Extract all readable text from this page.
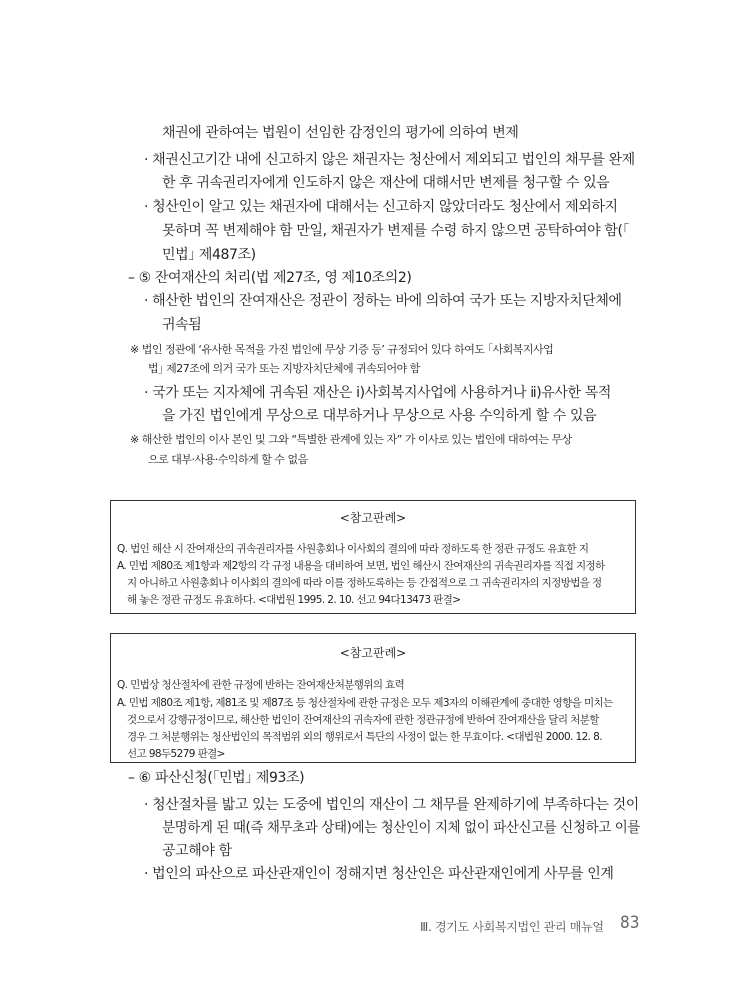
채권에 관하여는 법원이 선임한 감정인의 평가에 의하여 변제
· 채권신고기간 내에 신고하지 않은 채권자는 청산에서 제외되고 법인의 채무를 완제
한 후 귀속권리자에게 인도하지 않은 재산에 대해서만 변제를 청구할 수 있음
· 청산인이 알고 있는 채권자에 대해서는 신고하지 않았더라도 청산에서 제외하지
못하며 꼭 변제해야 함 만일, 채권자가 변제를 수령 하지 않으면 공탁하여야 함(｢
민법｣ 제487조)
– ⑤ 잔여재산의 처리(법 제27조, 영 제10조의2)
· 해산한 법인의 잔여재산은 정관이 정하는 바에 의하여 국가 또는 지방자치단체에
귀속됨
※ 법인 정관에 ‘유사한 목적을 가진 법인에 무상 기증 등’ 규정되어 있다 하여도 ｢사회복지사업
법｣ 제27조에 의거 국가 또는 지방자치단체에 귀속되어야 함
· 국가 또는 지자체에 귀속된 재산은 ⅰ)사회복지사업에 사용하거나 ⅱ)유사한 목적
을 가진 법인에게 무상으로 대부하거나 무상으로 사용 수익하게 할 수 있음
※ 해산한 법인의 이사 본인 및 그와 “특별한 관계에 있는 자” 가 이사로 있는 법인에 대하여는 무상
으로 대부·사용·수익하게 할 수 없음
<참고판례>
Q. 법인 해산 시 잔여재산의 귀속권리자를 사원총회나 이사회의 결의에 따라 정하도록 한 정관 규정도 유효한 지
A. 민법 제80조 제1항과 제2항의 각 규정 내용을 대비하여 보면, 법인 해산시 잔여재산의 귀속권리자를 직접 지정하
지 아니하고 사원총회나 이사회의 결의에 따라 이를 정하도록하는 등 간접적으로 그 귀속권리자의 지정방법을 정
해 놓은 정관 규정도 유효하다. <대법원 1995. 2. 10. 선고 94다13473 판결>
<참고판례>
Q. 민법상 청산절차에 관한 규정에 반하는 잔여재산처분행위의 효력
A. 민법 제80조 제1항, 제81조 및 제87조 등 청산절차에 관한 규정은 모두 제3자의 이해관계에 중대한 영향을 미치는
것으로서 강행규정이므로, 해산한 법인이 잔여재산의 귀속자에 관한 정관규정에 반하여 잔여재산을 달리 처분할
경우 그 처분행위는 청산법인의 목적범위 외의 행위로서 특단의 사정이 없는 한 무효이다. <대법원 2000. 12. 8.
선고 98두5279 판결>
– ⑥ 파산신청(｢민법｣ 제93조)
· 청산절차를 밟고 있는 도중에 법인의 재산이 그 채무를 완제하기에 부족하다는 것이
분명하게 된 때(즉 채무초과 상태)에는 청산인이 지체 없이 파산신고를 신청하고 이를
공고해야 함
· 법인의 파산으로 파산관재인이 정해지면 청산인은 파산관재인에게 사무를 인계
Ⅲ. 경기도 사회복지법인 관리 매뉴얼 83
